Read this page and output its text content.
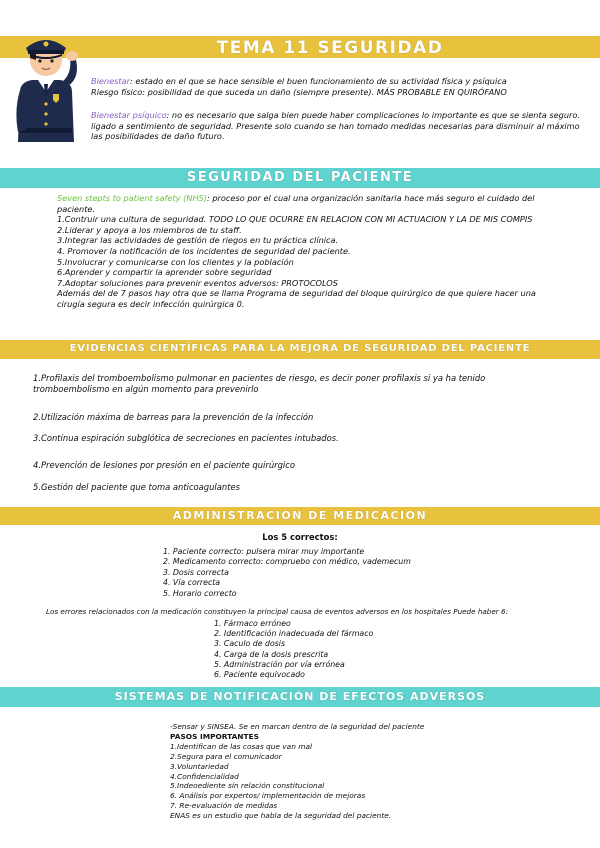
TEMA 11 SEGURIDAD

Bienestar: estado en el que se hace sensible el buen funcionamiento de su actividad física y psíquica

Riesgo físico: posibilidad de que suceda un daño (siempre presente). MÁS PROBABLE EN QUIRÓFANO

Bienestar psíquico: no es necesario que salga bien puede haber complicaciones lo importante es que se sienta seguro. ligado a sentimiento de seguridad. Presente solo cuando se han tomado medidas necesarias para disminuir al máximo las posibilidades de daño futuro.

SEGURIDAD DEL PACIENTE

Seven stepts to patient safety (NHS): proceso por el cual una organización sanitaria hace más seguro el cuidado del paciente.

1.Contruir una cultura de seguridad. TODO LO QUE OCURRE EN RELACION CON MI ACTUACION Y LA DE MIS COMPIS
2.Liderar y apoya a los miembros de tu staff.
3.Integrar las actividades de gestión de riegos en tu práctica clínica.
4. Promover la notificación de los incidentes de seguridad del paciente.
5.Involucrar y comunicarse con los clientes y la población
6.Aprender y compartir la aprender sobre seguridad
7.Adoptar soluciones para prevenir eventos adversos: PROTOCOLOS

Además del de 7 pasos hay otra que se llama Programa de seguridad del bloque quirúrgico de que quiere hacer una cirugía segura es decir infección quirúrgica 0.

EVIDENCIAS CIENTÍFICAS PARA LA MEJORA DE SEGURIDAD DEL PACIENTE
1.Profilaxis del tromboembolismo pulmonar en pacientes de riesgo, es decir poner profilaxis si ya ha tenido tromboembolismo en algún momento para prevenirlo
2.Utilización máxima de barreas para la prevención de la infección
3.Continua espiración subglótica de secreciones en pacientes intubados.
4.Prevención de lesiones por presión en el paciente quirúrgico
5.Gestión del paciente que toma anticoagulantes
ADMINISTRACION DE MEDICACION
Los 5 correctos:
1. Paciente correcto: pulsera mirar muy importante
2. Medicamento correcto: compruebo con médico, vademecum
3. Dosis correcta
4. Vía correcta
5. Horario correcto
Los errores relacionados con la medicación constituyen la principal causa de eventos adversos en los hospitales Puede haber 6:
1. Fármaco erróneo
2. Identificación inadecuada del fármaco
3. Caculo de dosis
4. Carga de la dosis prescrita
5. Administración por vía errónea
6. Paciente equivocado
SISTEMAS DE NOTIFICACIÓN DE EFECTOS ADVERSOS

-Sensar y SINSEA. Se en marcan dentro de la seguridad del paciente

PASOS IMPORTANTES

1.Identifican de las cosas que van mal

2.Segura para el comunicador

3.Voluntariedad

4.Confidencialidad

5.Indeoediente sin relación constitucional

6. Análisis por expertos/ implementación de mejoras

7. Re-evaluación de medidas

ENAS es un estudio que habla de la seguridad del paciente.
